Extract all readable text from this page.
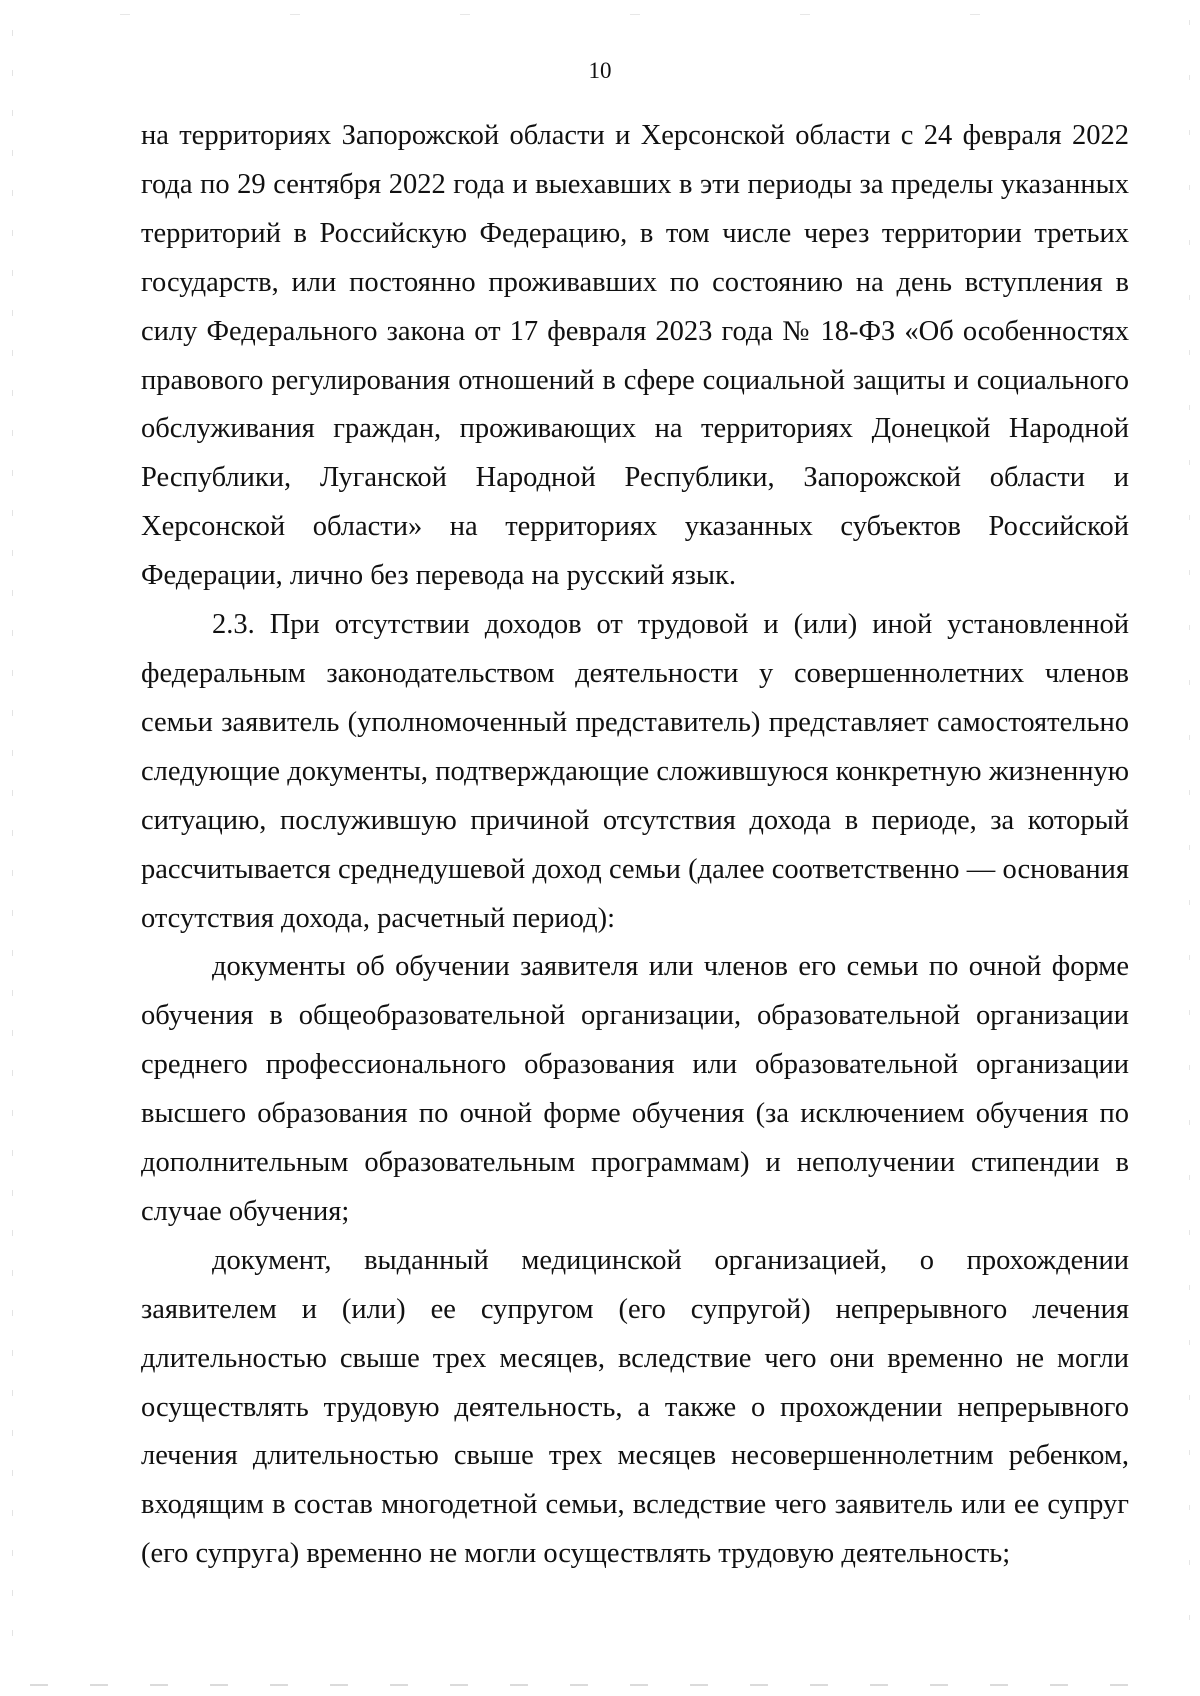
10

на территориях Запорожской области и Херсонской области с 24 февраля 2022 года по 29 сентября 2022 года и выехавших в эти периоды за пределы указанных территорий в Российскую Федерацию, в том числе через территории третьих государств, или постоянно проживавших по состоянию на день вступления в силу Федерального закона от 17 февраля 2023 года № 18-ФЗ «Об особенностях правового регулирования отношений в сфере социальной защиты и социального обслуживания граждан, проживающих на территориях Донецкой Народной Республики, Луганской Народной Республики, Запорожской области и Херсонской области» на территориях указанных субъектов Российской Федерации, лично без перевода на русский язык.

2.3. При отсутствии доходов от трудовой и (или) иной установленной федеральным законодательством деятельности у совершеннолетних членов семьи заявитель (уполномоченный представитель) представляет самостоятельно следующие документы, подтверждающие сложившуюся конкретную жизненную ситуацию, послужившую причиной отсутствия дохода в периоде, за который рассчитывается среднедушевой доход семьи (далее соответственно — основания отсутствия дохода, расчетный период):

документы об обучении заявителя или членов его семьи по очной форме обучения в общеобразовательной организации, образовательной организации среднего профессионального образования или образовательной организации высшего образования по очной форме обучения (за исключением обучения по дополнительным образовательным программам) и неполучении стипендии в случае обучения;

документ, выданный медицинской организацией, о прохождении заявителем и (или) ее супругом (его супругой) непрерывного лечения длительностью свыше трех месяцев, вследствие чего они временно не могли осуществлять трудовую деятельность, а также о прохождении непрерывного лечения длительностью свыше трех месяцев несовершеннолетним ребенком, входящим в состав многодетной семьи, вследствие чего заявитель или ее супруг (его супруга) временно не могли осуществлять трудовую деятельность;
